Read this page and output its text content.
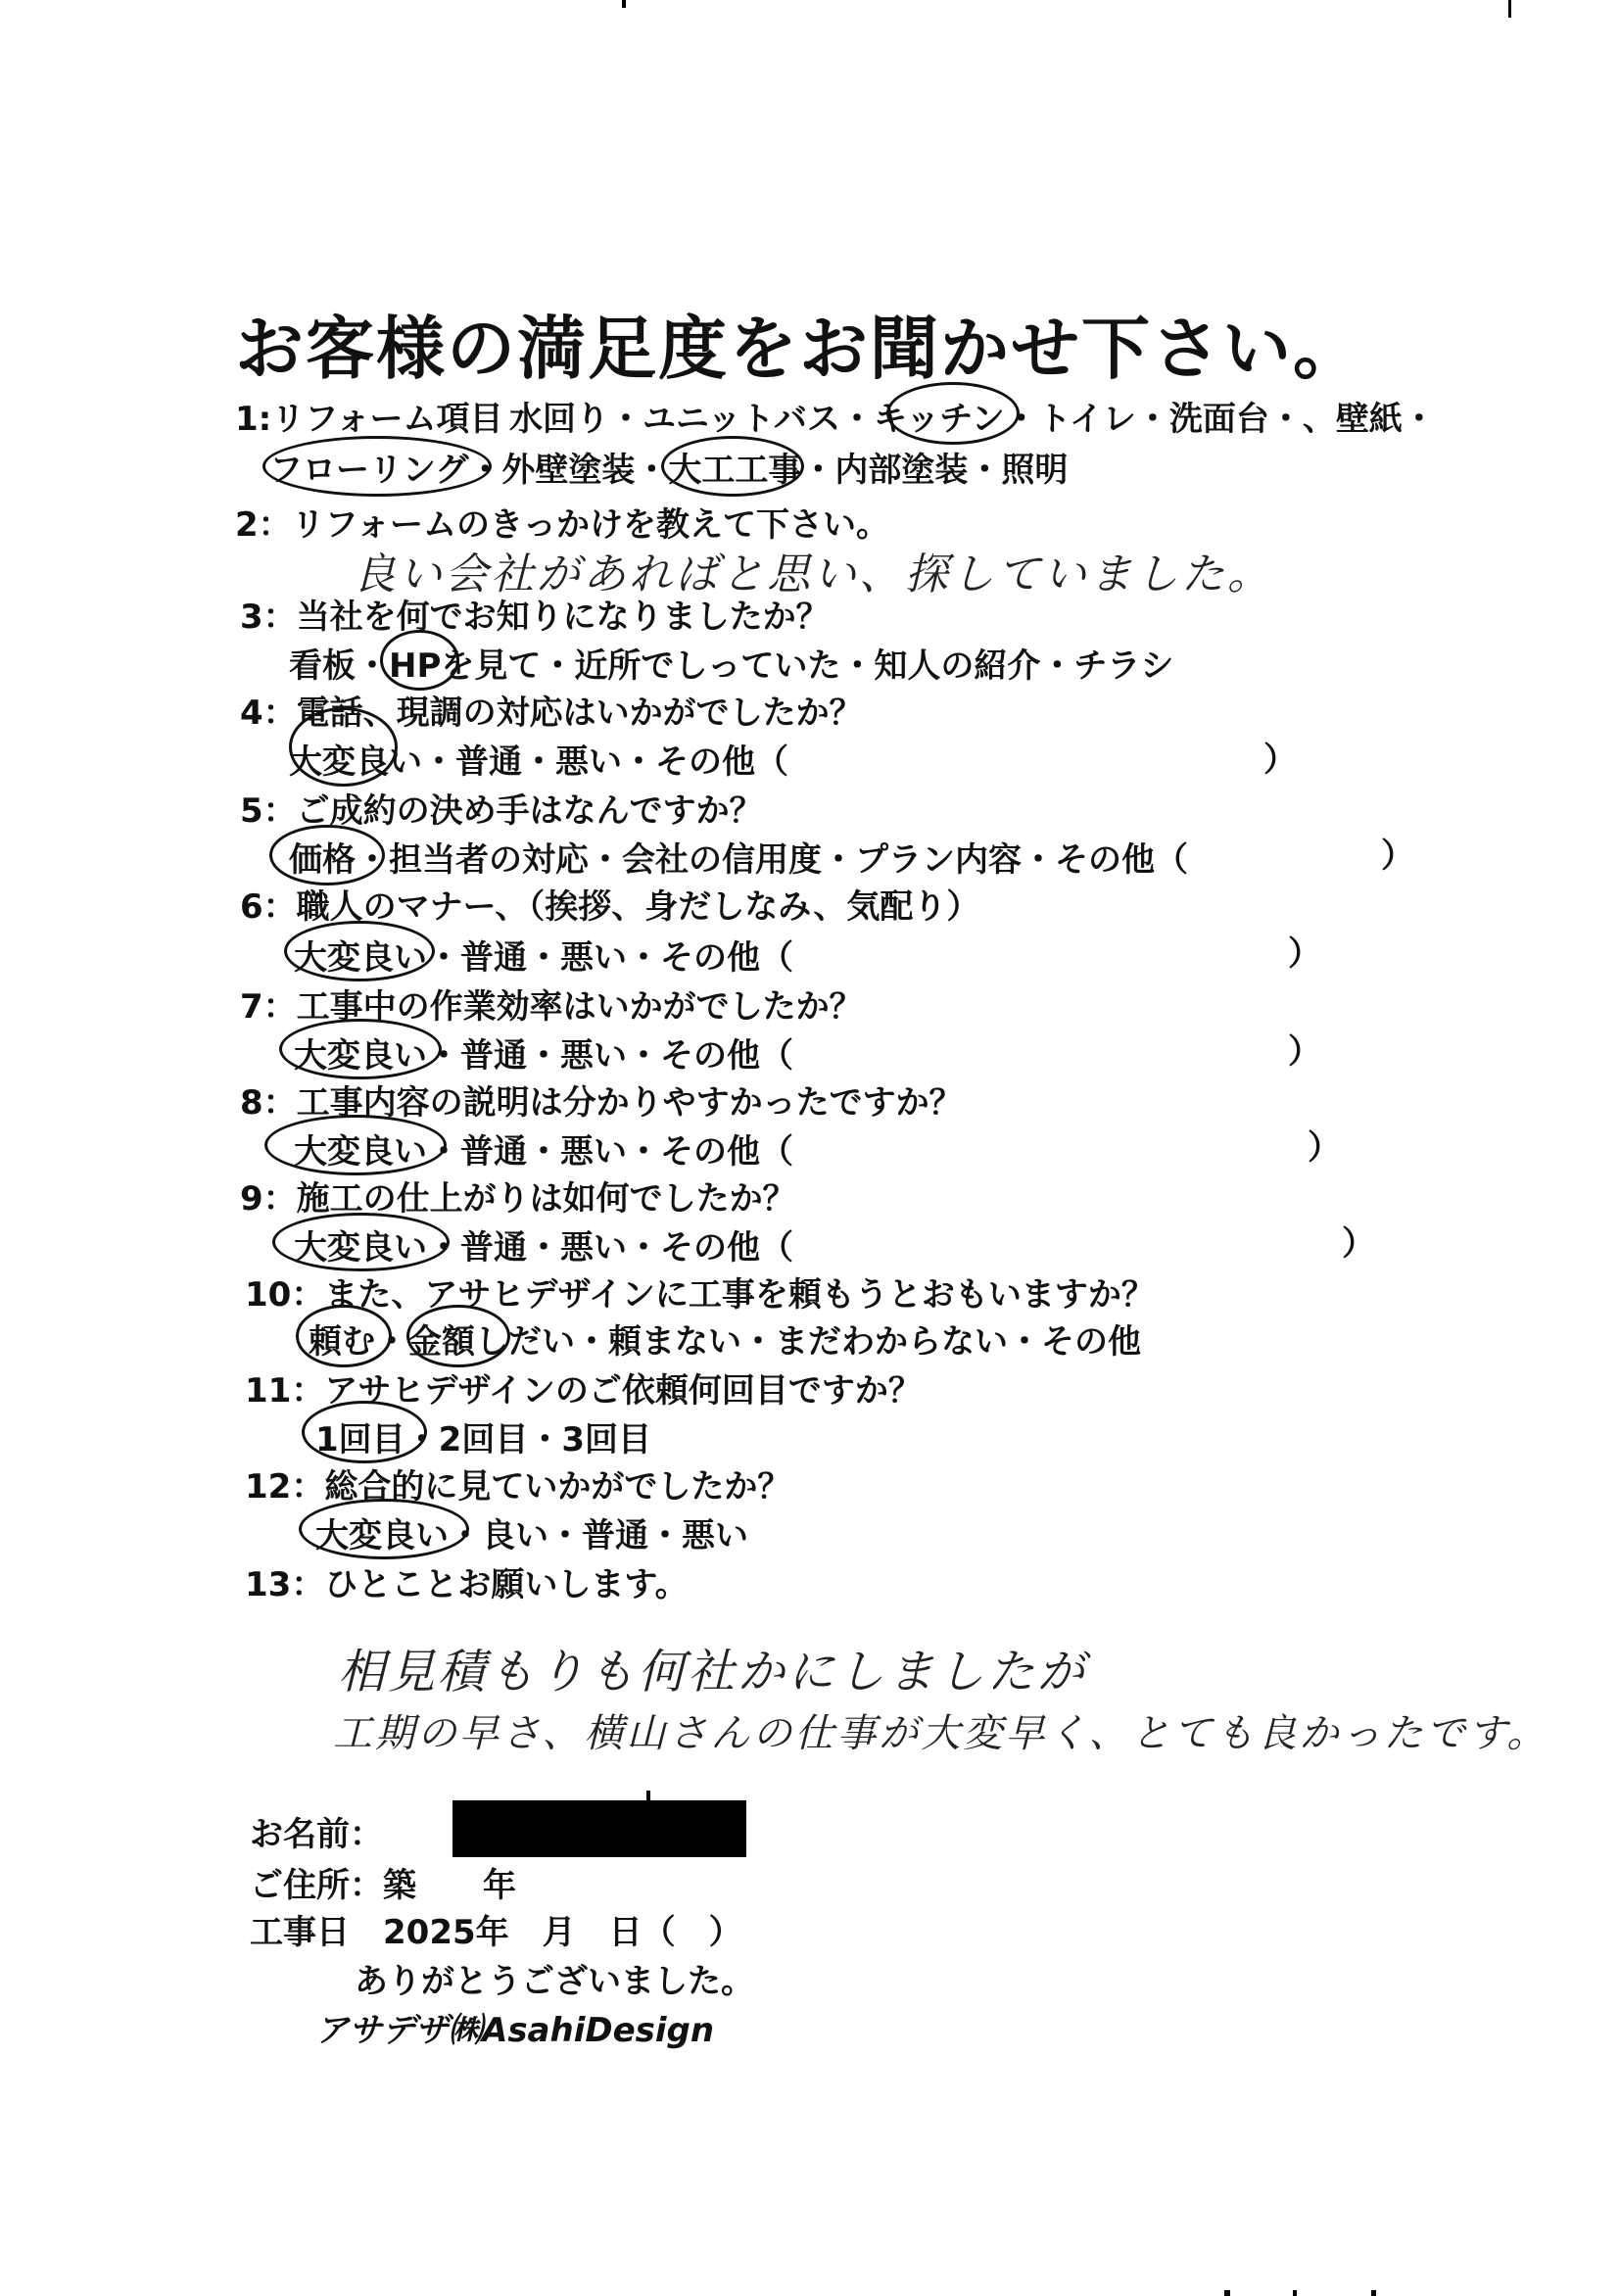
お客様の満足度をお聞かせ下さい。
1:リフォーム項目 水回り・ユニットバス・キッチン・トイレ・洗面台・、壁紙・
フローリング・外壁塗装・大工工事・内部塗装・照明
2：リフォームのきっかけを教えて下さい。
良い会社があればと思い、探していました。
3：当社を何でお知りになりましたか？
看板・HPを見て・近所でしっていた・知人の紹介・チラシ
4：電話、現調の対応はいかがでしたか？
大変良い・普通・悪い・その他（	）
5：ご成約の決め手はなんですか？
価格・担当者の対応・会社の信用度・プラン内容・その他（	）
6：職人のマナー、（挨拶、身だしなみ、気配り）
大変良い・普通・悪い・その他（	）
7：工事中の作業効率はいかがでしたか？
大変良い・普通・悪い・その他（	）
8：工事内容の説明は分かりやすかったですか？
大変良い・普通・悪い・その他（	）
9：施工の仕上がりは如何でしたか？
大変良い・普通・悪い・その他（	）
10：また、アサヒデザインに工事を頼もうとおもいますか？
頼む・金額しだい・頼まない・まだわからない・その他
11：アサヒデザインのご依頼何回目ですか？
1回目・2回目・3回目
12：総合的に見ていかがでしたか？
大変良い・良い・普通・悪い
13：ひとことお願いします。
相見積もりも何社かにしましたが
工期の早さ、横山さんの仕事が大変早く、とても良かったです。
お名前：
ご住所：築　　年
工事日　2025年　月　日（　）
ありがとうございました。
アサデザ㈱AsahiDesign
